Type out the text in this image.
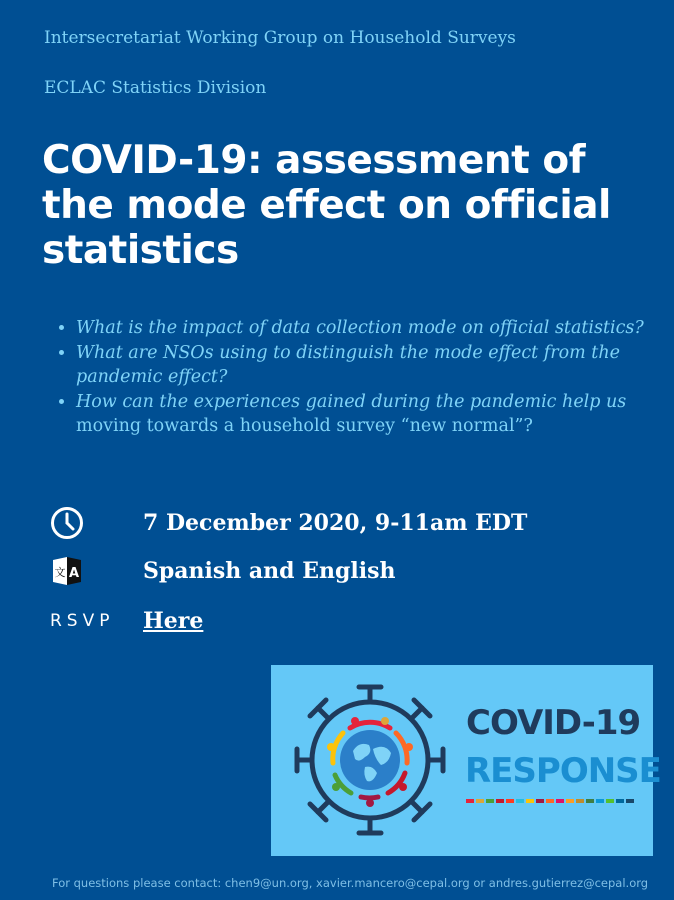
Intersecretariat Working Group on Household Surveys
ECLAC Statistics Division
COVID-19: assessment of the mode effect on official statistics
• What is the impact of data collection mode on official statistics?
• What are NSOs using to distinguish the mode effect from the pandemic effect?
• How can the experiences gained during the pandemic help us moving towards a household survey “new normal”?
7 December 2020, 9-11am EDT
文 A	Spanish and English
RSVP Here
COVID-19
RESPONSE
For questions please contact: chen9@un.org, xavier.mancero@cepal.org or andres.gutierrez@cepal.org
